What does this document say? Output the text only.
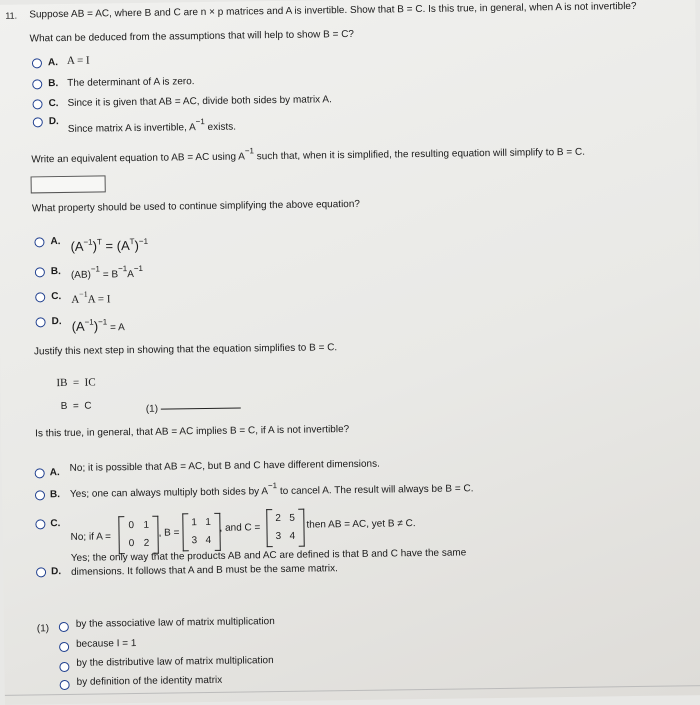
11. Suppose AB = AC, where B and C are n × p matrices and A is invertible. Show that B = C. Is this true, in general, when A is not invertible?
What can be deduced from the assumptions that will help to show B = C?
A. A = I
B. The determinant of A is zero.
C. Since it is given that AB = AC, divide both sides by matrix A.
D.
Since matrix A is invertible, $A^{-1}$ exists.
Write an equivalent equation to AB = AC using $A^{-1}$ such that, when it is simplified, the resulting equation will simplify to B = C.
What property should be used to continue simplifying the above equation?
A. $(A^{-1})^T = (A^T)^{-1}$
B. $(AB)^{-1} = B^{-1}A^{-1}$
C. $A^{-1}A = I$
D. $(A^{-1})^{-1} = A$
Justify this next step in showing that the equation simplifies to B = C.
IB  =  IC
B  =  C	(1)
Is this true, in general, that AB = AC implies B = C, if A is not invertible?
A. No; it is possible that AB = AC, but B and C have different dimensions.
B. Yes; one can always multiply both sides by $A^{-1}$ to cancel A. The result will always be B = C.
C.
No; if A =
0 1
0 2
, B =
1 1
3 4
, and C =
2 5
3 4
then AB = AC, yet B ≠ C.
D.
Yes; the only way that the products AB and AC are defined is that B and C have the same
dimensions. It follows that A and B must be the same matrix.
(1)	by the associative law of matrix multiplication
because I = 1
by the distributive law of matrix multiplication
by definition of the identity matrix
